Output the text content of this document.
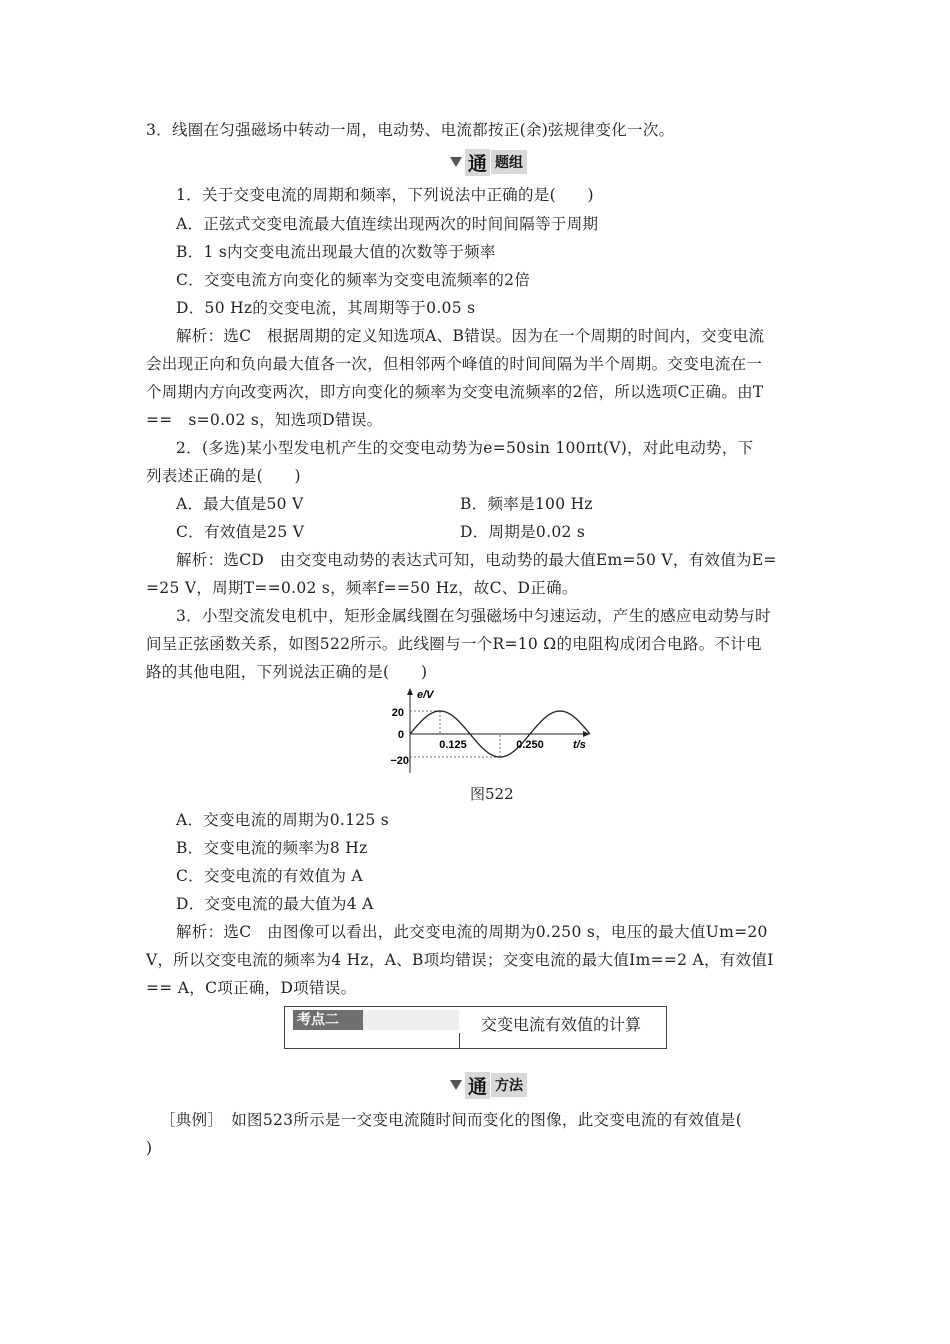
3．线圈在匀强磁场中转动一周，电动势、电流都按正(余)弦规律变化一次。
通 题组
1．关于交变电流的周期和频率，下列说法中正确的是(　　)
A．正弦式交变电流最大值连续出现两次的时间间隔等于周期
B．1 s内交变电流出现最大值的次数等于频率
C．交变电流方向变化的频率为交变电流频率的2倍
D．50 Hz的交变电流，其周期等于0.05 s
解析：选C　根据周期的定义知选项A、B错误。因为在一个周期的时间内，交变电流
会出现正向和负向最大值各一次，但相邻两个峰值的时间间隔为半个周期。交变电流在一
个周期内方向改变两次，即方向变化的频率为交变电流频率的2倍，所以选项C正确。由T
==　s=0.02 s，知选项D错误。
2．(多选)某小型发电机产生的交变电动势为e=50sin 100πt(V)，对此电动势，下
列表述正确的是(　　)
A．最大值是50 V	B．频率是100 Hz
C．有效值是25 V	D．周期是0.02 s
解析：选CD　由交变电动势的表达式可知，电动势的最大值Em=50 V，有效值为E=
=25 V，周期T==0.02 s，频率f==50 Hz，故C、D正确。
3．小型交流发电机中，矩形金属线圈在匀强磁场中匀速运动，产生的感应电动势与时
间呈正弦函数关系，如图522所示。此线圈与一个R=10 Ω的电阻构成闭合电路。不计电
路的其他电阻，下列说法正确的是(　　)
e/V
t/s
20
0
−20
0.125	0.250
图522
A．交变电流的周期为0.125 s
B．交变电流的频率为8 Hz
C．交变电流的有效值为 A
D．交变电流的最大值为4 A
解析：选C　由图像可以看出，此交变电流的周期为0.250 s，电压的最大值Um=20
V，所以交变电流的频率为4 Hz，A、B项均错误；交变电流的最大值Im==2 A，有效值I
== A，C项正确，D项错误。
考点二	交变电流有效值的计算
通 方法
［典例］　如图523所示是一交变电流随时间而变化的图像，此交变电流的有效值是(
)
